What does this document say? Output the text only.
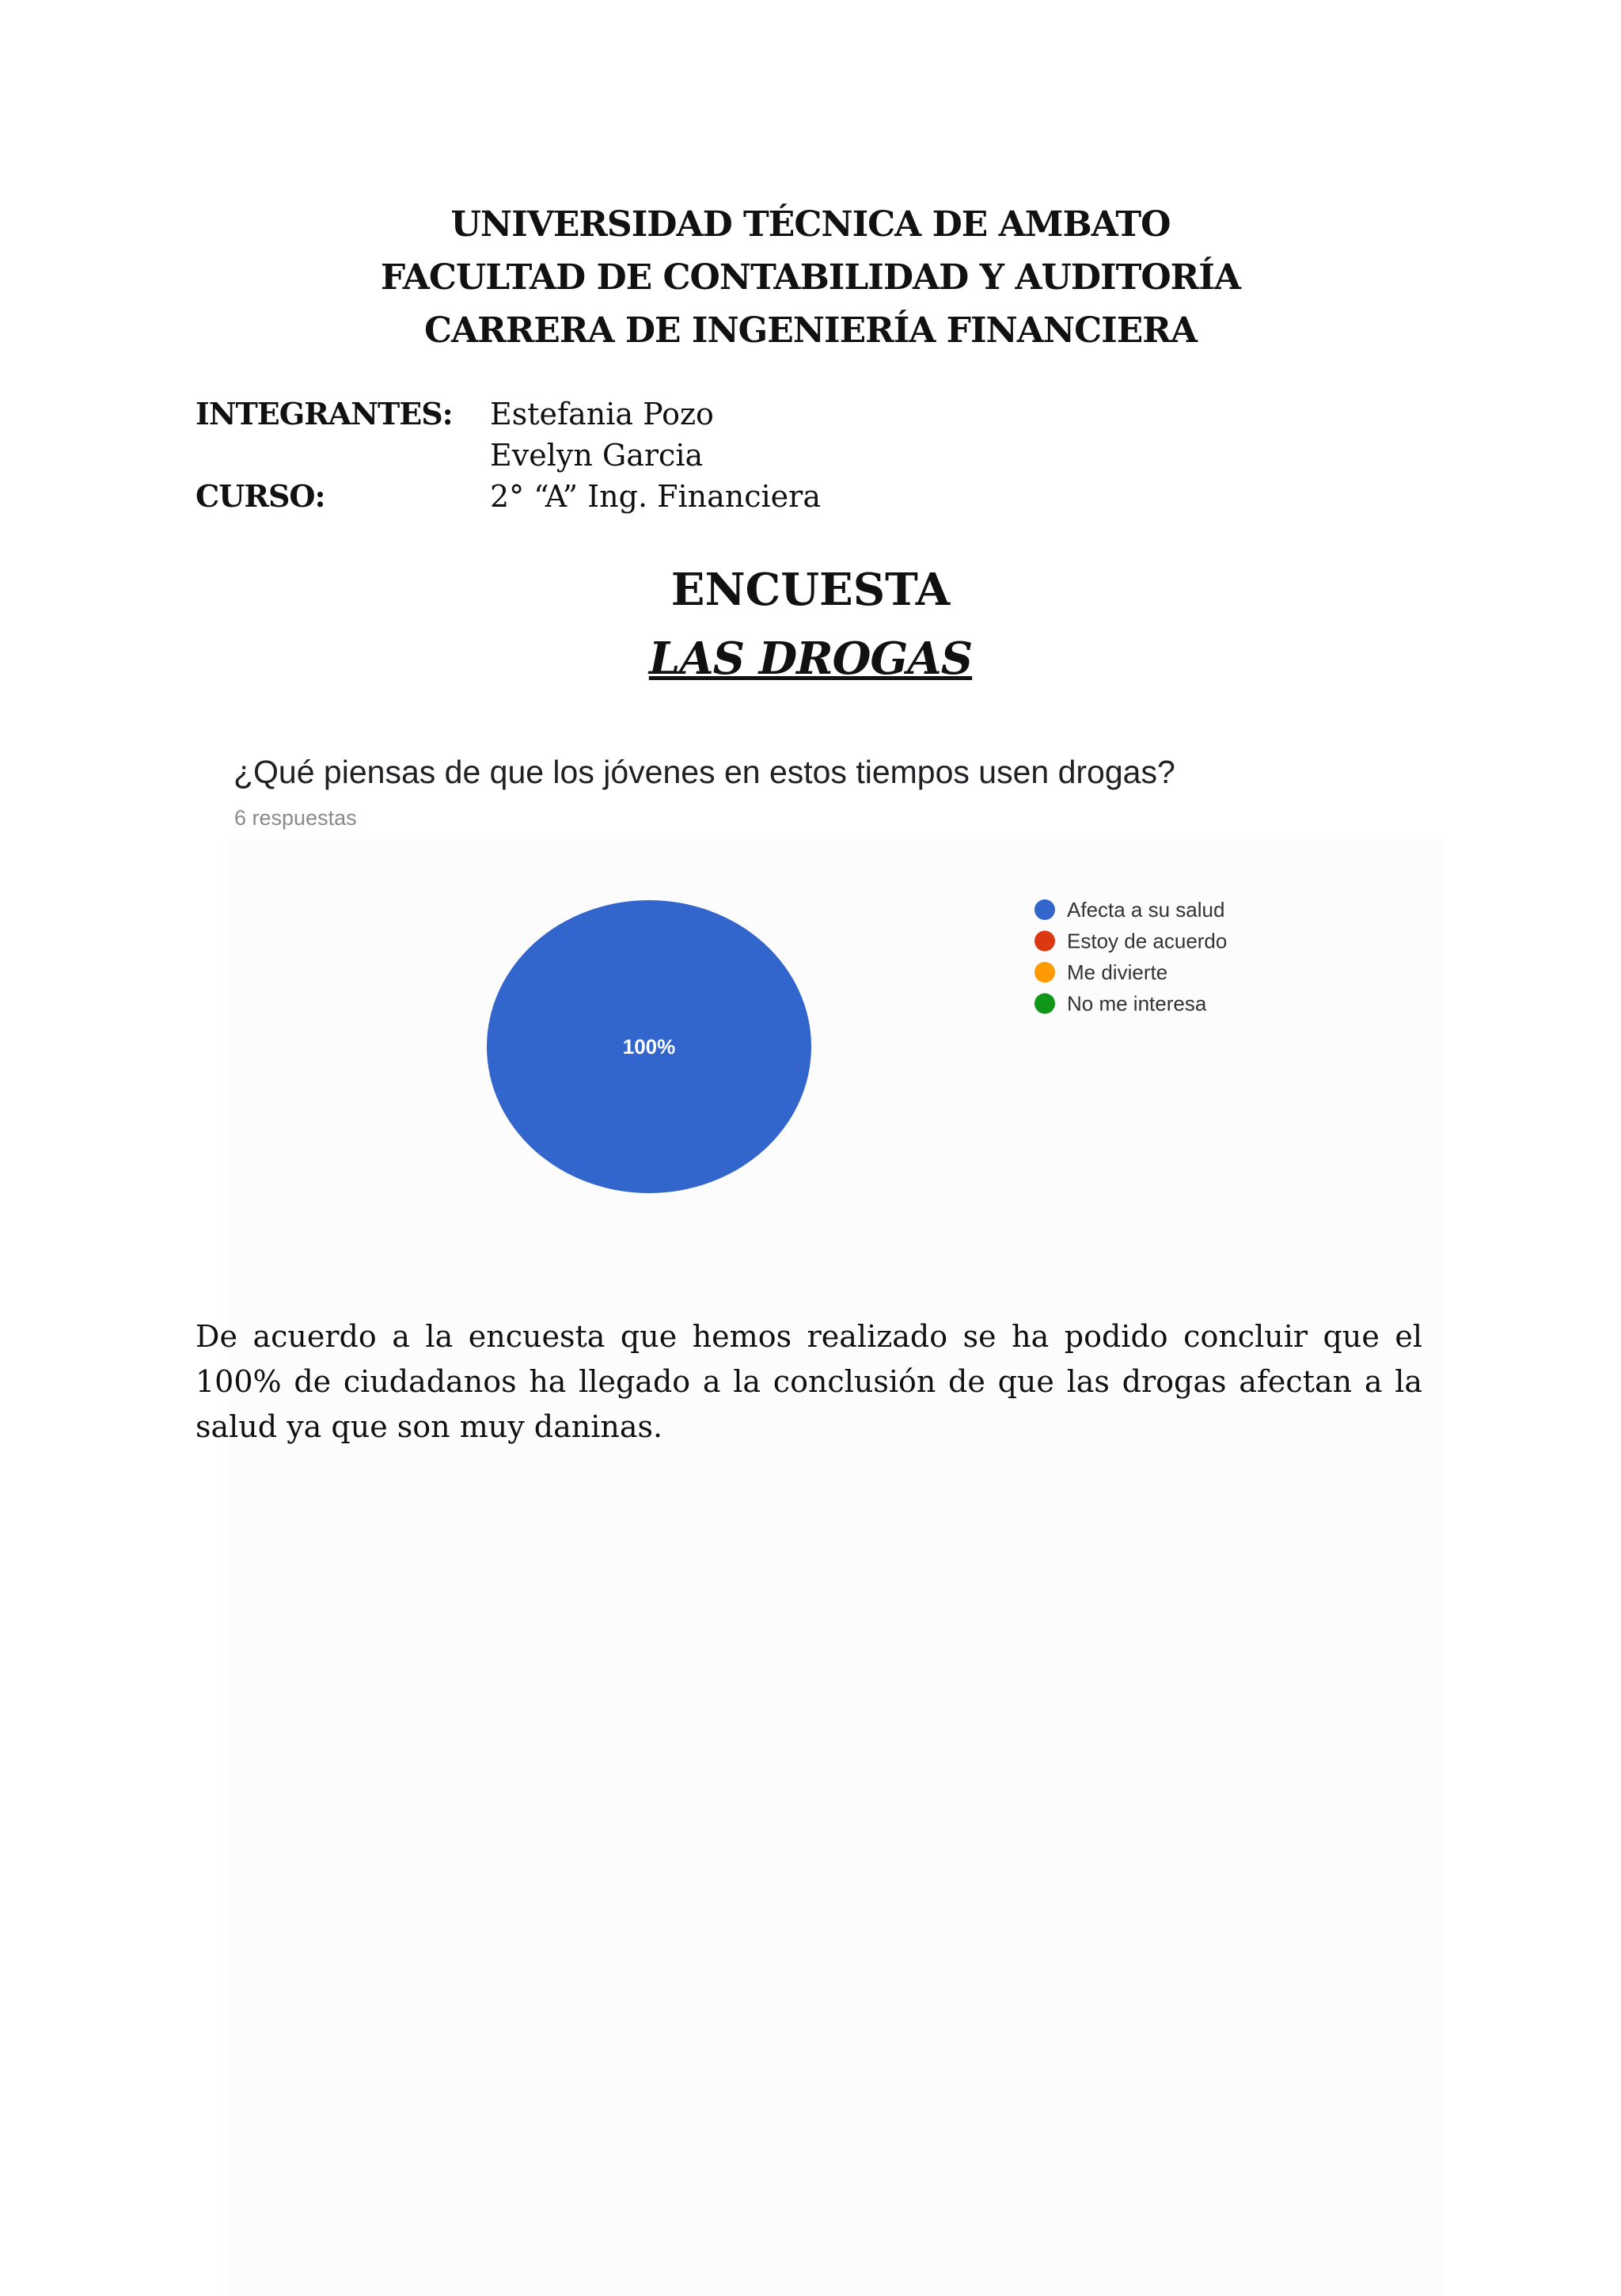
UNIVERSIDAD TÉCNICA DE AMBATO
FACULTAD DE CONTABILIDAD Y AUDITORÍA
CARRERA DE INGENIERÍA FINANCIERA
INTEGRANTES: Estefania Pozo
Evelyn Garcia
CURSO:	2° “A” Ing. Financiera
ENCUESTA
LAS DROGAS
¿Qué piensas de que los jóvenes en estos tiempos usen drogas?
6 respuestas
100%
Afecta a su salud
Estoy de acuerdo
Me divierte
No me interesa
De acuerdo a la encuesta que hemos realizado se ha podido concluir que el 100% de ciudadanos ha llegado a la conclusión de que las drogas afectan a la salud ya que son muy daninas.
